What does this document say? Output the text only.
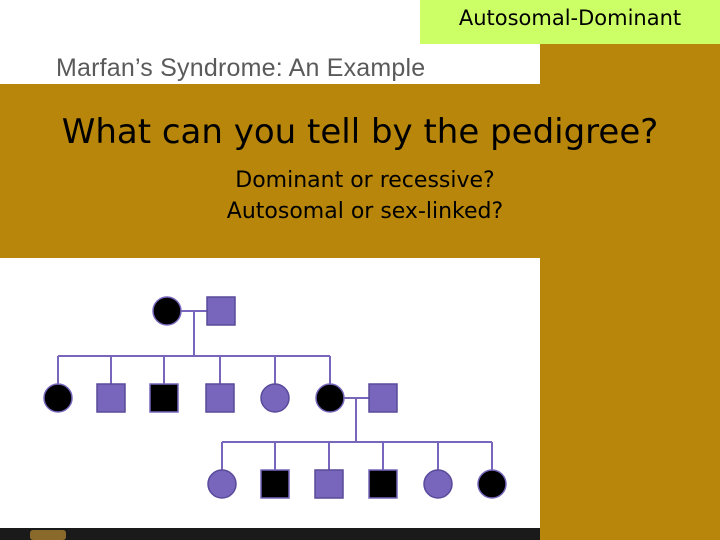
Marfan’s Syndrome: An Example
What can you tell by the pedigree?
Dominant or recessive?
Autosomal or sex-linked?
Autosomal-Dominant
